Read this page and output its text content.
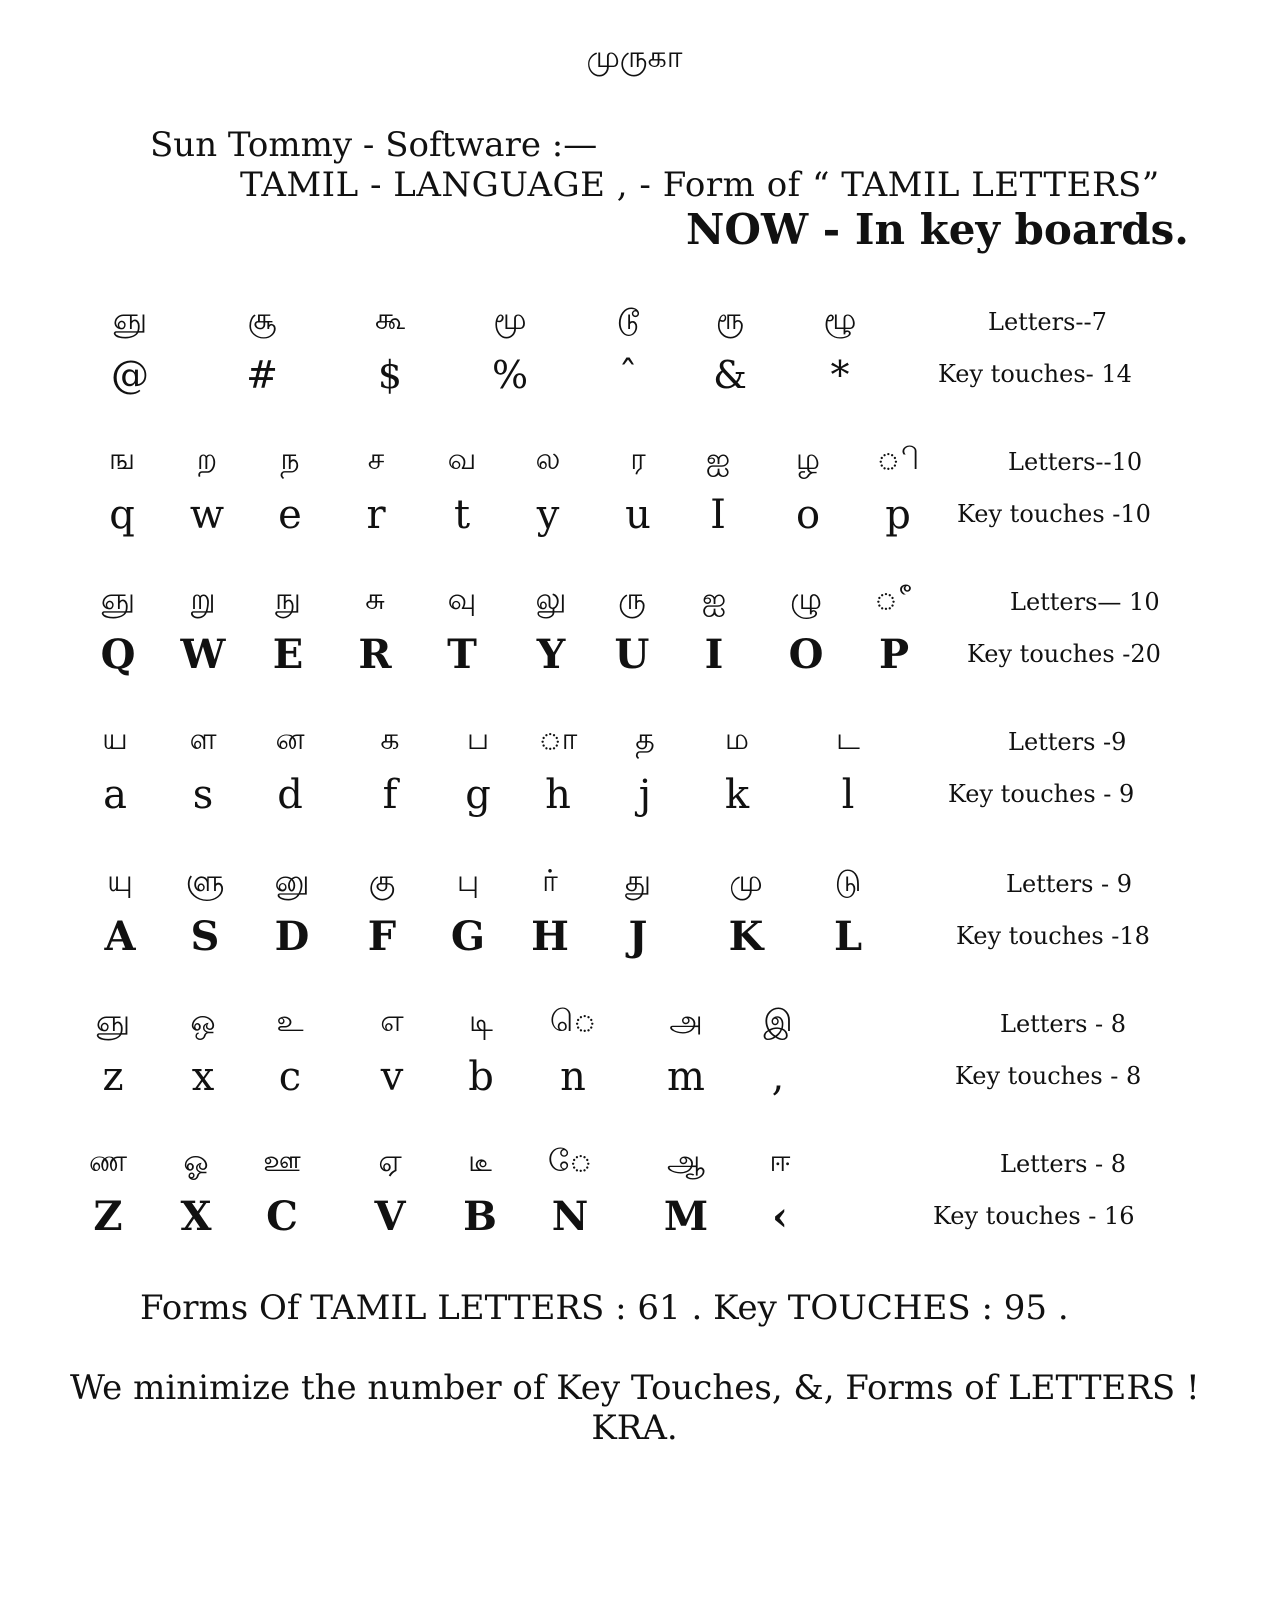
முருகா
Sun Tommy - Software :—
TAMIL - LANGUAGE , - Form of “ TAMIL LETTERS”
NOW - In key boards.
ஞு
@
சூ
#
கூ
$
மூ
%
டூ
ˆ
ரூ
&
ழூ
*
Letters--7
Key touches- 14
ங
q
ற
w
ந
e
ச
r
வ
t
ல
y
ர
u
ஐ
I
ழ
o
ி
p
Letters--10
Key touches -10
ஞு
Q
று
W
நு
E
சு
R
வு
T
லு
Y
ரு
U
ஐ
I
ழு
O
ீ
P
Letters— 10
Key touches -20
ய
a
ள
s
ன
d
க
f
ப
g
ா
h
த
j
ம
k
ட
l
Letters -9
Key touches - 9
யு
A
ளு
S
னு
D
கு
F
பு
G
ர்
H
து
J
மு
K
டு
L
Letters - 9
Key touches -18
ஞு
z
ஒ
x
உ
c
எ
v
டி
b
ெ
n
அ
m
இ
,
Letters - 8
Key touches - 8
ண
Z
ஓ
X
ஊ
C
ஏ
V
டீ
B
ே
N
ஆ
M
ஈ
‹
Letters - 8
Key touches - 16
Forms Of TAMIL LETTERS : 61 . Key TOUCHES : 95 .
We minimize the number of Key Touches, &, Forms of LETTERS !
KRA.
